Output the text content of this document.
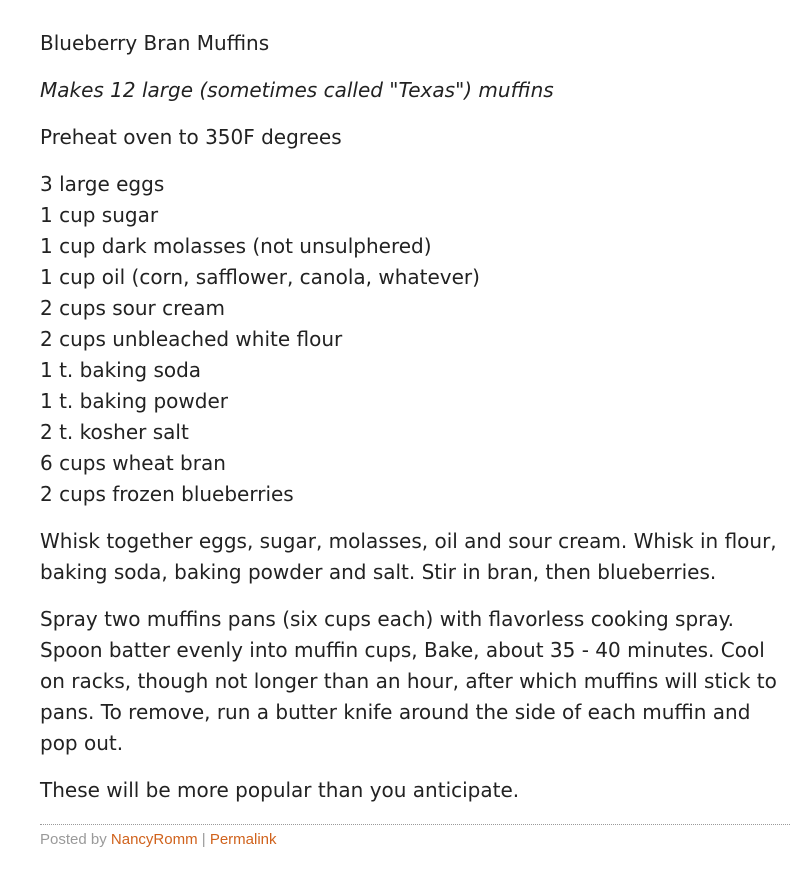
Blueberry Bran Muffins

Makes 12 large (sometimes called "Texas") muffins

Preheat oven to 350F degrees

3 large eggs
1 cup sugar
1 cup dark molasses (not unsulphered)
1 cup oil (corn, safflower, canola, whatever)
2 cups sour cream
2 cups unbleached white flour
1 t. baking soda
1 t. baking powder
2 t. kosher salt
6 cups wheat bran
2 cups frozen blueberries

Whisk together eggs, sugar, molasses, oil and sour cream. Whisk in flour, baking soda, baking powder and salt. Stir in bran, then blueberries.

Spray two muffins pans (six cups each) with flavorless cooking spray. Spoon batter evenly into muffin cups, Bake, about 35 - 40 minutes. Cool on racks, though not longer than an hour, after which muffins will stick to pans. To remove, run a butter knife around the side of each muffin and pop out.

These will be more popular than you anticipate.

Posted by NancyRomm | Permalink
